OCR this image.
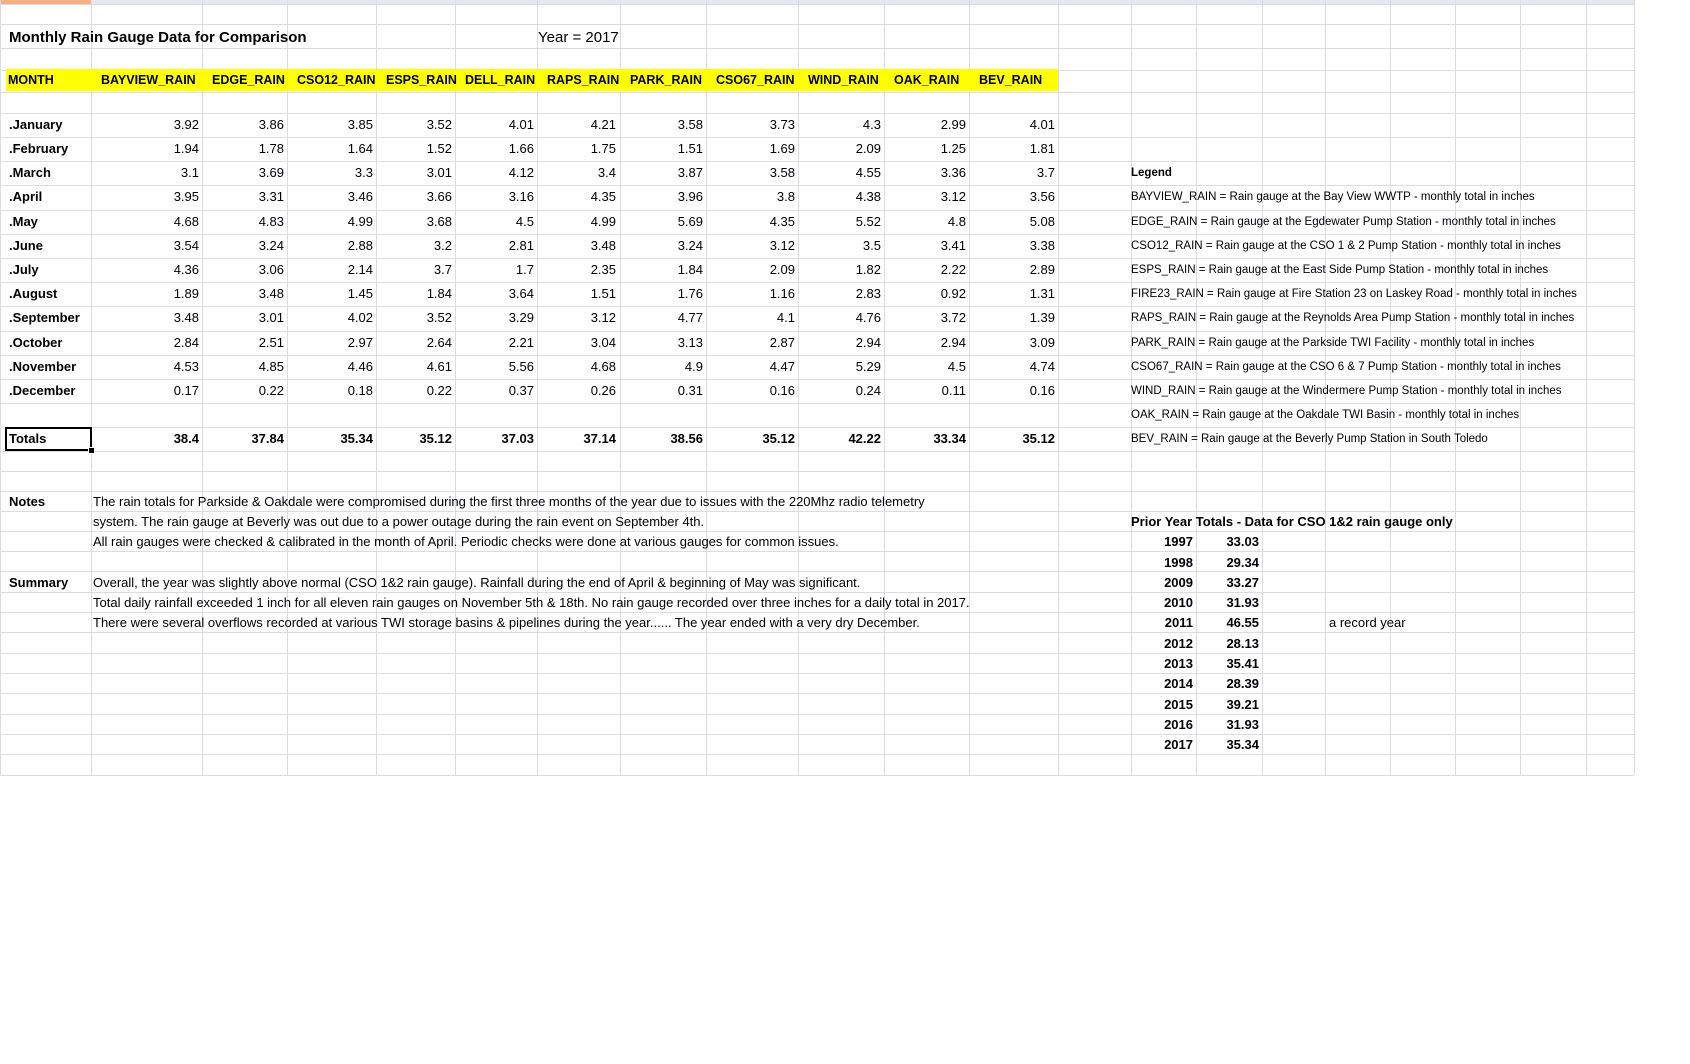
Monthly Rain Gauge Data for Comparison	Year = 2017
MONTH	BAYVIEW_RAIN EDGE_RAIN CSO12_RAIN ESPS_RAIN DELL_RAIN RAPS_RAIN PARK_RAIN CSO67_RAIN WIND_RAIN OAK_RAIN BEV_RAIN
.January	3.92	3.86	3.85	3.52	4.01	4.21	3.58	3.73	4.3	2.99	4.01
.February	1.94	1.78	1.64	1.52	1.66	1.75	1.51	1.69	2.09	1.25	1.81
.March	3.1	3.69	3.3	3.01	4.12	3.4	3.87	3.58	4.55	3.36	3.7
.April	3.95	3.31	3.46	3.66	3.16	4.35	3.96	3.8	4.38	3.12	3.56
.May	4.68	4.83	4.99	3.68	4.5	4.99	5.69	4.35	5.52	4.8	5.08
.June	3.54	3.24	2.88	3.2	2.81	3.48	3.24	3.12	3.5	3.41	3.38
.July	4.36	3.06	2.14	3.7	1.7	2.35	1.84	2.09	1.82	2.22	2.89
.August	1.89	3.48	1.45	1.84	3.64	1.51	1.76	1.16	2.83	0.92	1.31
.September	3.48	3.01	4.02	3.52	3.29	3.12	4.77	4.1	4.76	3.72	1.39
.October	2.84	2.51	2.97	2.64	2.21	3.04	3.13	2.87	2.94	2.94	3.09
.November	4.53	4.85	4.46	4.61	5.56	4.68	4.9	4.47	5.29	4.5	4.74
.December	0.17	0.22	0.18	0.22	0.37	0.26	0.31	0.16	0.24	0.11	0.16
Totals	38.4	37.84	35.34	35.12	37.03	37.14	38.56	35.12	42.22	33.34	35.12
Legend
BAYVIEW_RAIN = Rain gauge at the Bay View WWTP - monthly total in inches
EDGE_RAIN = Rain gauge at the Egdewater Pump Station - monthly total in inches
CSO12_RAIN = Rain gauge at the CSO 1 & 2 Pump Station - monthly total in inches
ESPS_RAIN = Rain gauge at the East Side Pump Station - monthly total in inches
FIRE23_RAIN = Rain gauge at Fire Station 23 on Laskey Road - monthly total in inches
RAPS_RAIN = Rain gauge at the Reynolds Area Pump Station - monthly total in inches
PARK_RAIN = Rain gauge at the Parkside TWI Facility - monthly total in inches
CSO67_RAIN = Rain gauge at the CSO 6 & 7 Pump Station - monthly total in inches
WIND_RAIN = Rain gauge at the Windermere Pump Station - monthly total in inches
OAK_RAIN = Rain gauge at the Oakdale TWI Basin - monthly total in inches
BEV_RAIN = Rain gauge at the Beverly Pump Station in South Toledo
Notes	The rain totals for Parkside & Oakdale were compromised during the first three months of the year due to issues with the 220Mhz radio telemetry
system. The rain gauge at Beverly was out due to a power outage during the rain event on September 4th.
All rain gauges were checked & calibrated in the month of April. Periodic checks were done at various gauges for common issues.
Summary Overall, the year was slightly above normal (CSO 1&2 rain gauge). Rainfall during the end of April & beginning of May was significant.
Total daily rainfall exceeded 1 inch for all eleven rain gauges on November 5th & 18th. No rain gauge recorded over three inches for a daily total in 2017.
There were several overflows recorded at various TWI storage basins & pipelines during the year...... The year ended with a very dry December.
Prior Year Totals - Data for CSO 1&2 rain gauge only
1997	33.03
1998	29.34
2009	33.27
2010	31.93
2011	46.55	a record year
2012	28.13
2013	35.41
2014	28.39
2015	39.21
2016	31.93
2017	35.34
